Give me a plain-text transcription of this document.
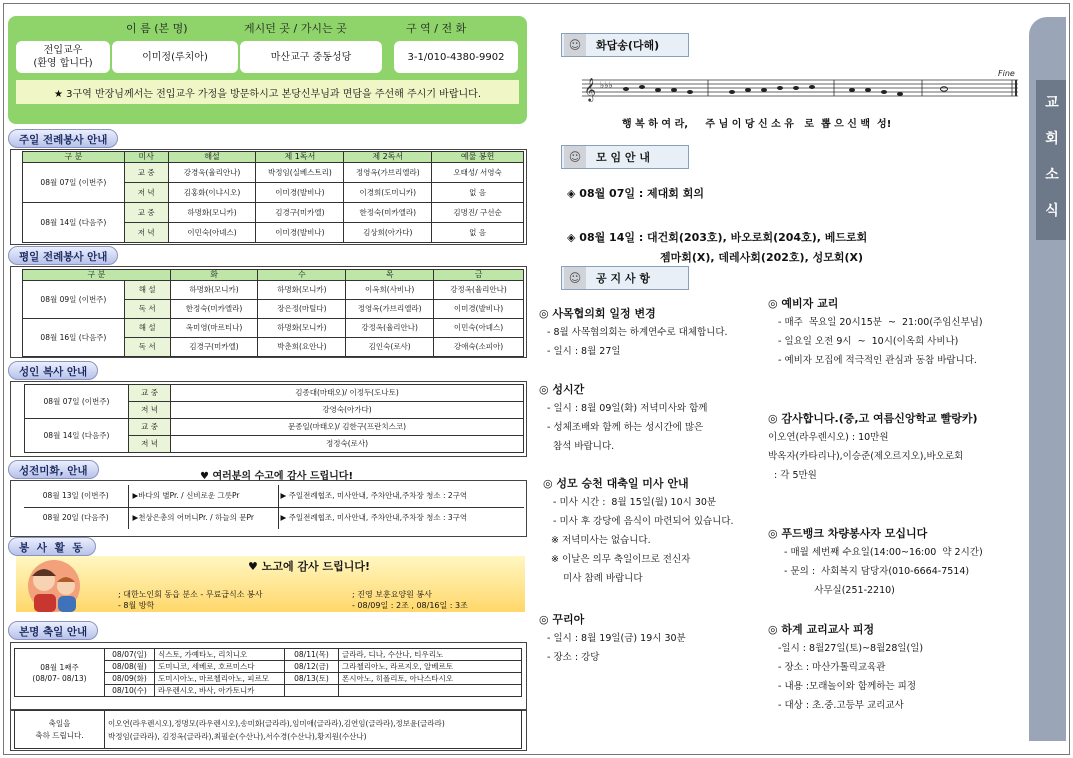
이 름 (본 명)	게시던 곳 / 가시는 곳	구 역 / 전 화
전입교우
(환영 합니다)
이미정(루치아)	마산교구 중동성당	3-1/010-4380-9902
★ 3구역 반장님께서는 전입교우 가정을 방문하시고 본당신부님과 면담을 주선해 주시기 바랍니다.
주일 전례봉사 안내
구 분	미사	해설	제 1독서	제 2독서	예물 봉헌
08월 07일 (이번주)	교 중	강경욱(율리안나)	박정임(실베스트리)	정영옥(가브리엘라)	오태성/ 서영숙
	저 녁	김홍화(이냐시오)	이미경(발비나)	이경희(도미니카)	없 음
08월 14일 (다음주)	교 중	하명화(모니카)	김경구(미카엘)	한정숙(미카엘라)	김명진/ 구선순
	저 녁	이민숙(아녜스)	이미경(발비나)	김상희(아가다)	없 음
평일 전례봉사 안내
구 분		화	수	목	금
08월 09일 (이번주)	해 설	하명화(모니카)	하명화(모니카)	이옥희(사비나)	강정옥(율리안나)
	독 서	한정숙(미카엘라)	장은정(마틸다)	정영옥(가브리엘라)	이미경(발비나)
08월 16일 (다음주)	해 설	옥미영(마르티나)	하명화(모니카)	강정옥(율리안나)	이민숙(아녜스)
	독 서	김경구(미카엘)	박춘희(요안나)	김인숙(로사)	강애숙(소피아)
성인 복사 안내
08월 07일 (이번주)	교 중	김종대(마태오)/ 이정두(도나토)
	저 녁	강영숙(아가다)
08월 14일 (다음주)	교 중	문종일(마태오)/ 김한구(프란치스코)
	저 녁	정정숙(로사)
성전미화, 안내	♥ 여러분의 수고에 감사 드립니다!
08월 13일 (이번주)	▶바다의 별Pr. / 신비로운 그릇Pr	▶ 주일전례협조, 미사안내, 주차안내,주차장 청소 : 2구역
08월 20일 (다음주)	▶천상은총의 어머니Pr. / 하늘의 문Pr	▶ 주일전례협조, 미사안내, 주차안내,주차장 청소 : 3구역
봉 사 활 동
♥ 노고에 감사 드립니다!
; 대한노인회 동읍 분소 - 무료급식소 봉사
- 8월 방학
; 진영 보훈요양원 봉사
- 08/09일 : 2조 , 08/16일 : 3조
본명 축일 안내
08월 1째주
(08/07- 08/13)	08/07(일)	식스토, 가예타노, 리치니오	08/11(목)	글라라, 디나, 수산나, 티우리노
	08/08(월)	도미니코, 세베로, 호르미스다	08/12(금)	그라첼리아노, 라르지오, 알베르토
	08/09(화)	도미시아노, 마르첼리아노, 피르모	08/13(토)	폰시아노, 히폴리토, 아나스타시오
	08/10(수)	라우렌시오, 바사, 아가토니카		
축일을
축하 드립니다.	이오연(라우렌시오),정명모(라우렌시오),송미화(글라라),임미애(글라라),김연임(글라라),정보윤(글라라)
박정임(글라라), 김정옥(글라라),최필순(수산나),서수경(수산나),황지원(수산나)
☺	화답송(다해)
𝄞 ♭♭♭
Fine
행 복 하 여 라,     주 님 이 당 신 소 유   로  뽑 으 신 백  성!
☺	모 임 안 내
◈ 08월 07일 : 제대회 회의
◈ 08월 14일 : 대건회(203호), 바오로회(204호), 베드로회
젬마회(X), 데레사회(202호), 성모회(X)
☺	공 지 사 항
◎ 사목협의회 일정 변경
- 8월 사목협의회는 하계연수로 대체합니다.
- 일시 : 8월 27일
◎ 성시간
- 일시 : 8월 09일(화) 저녁미사와 함께
- 성체조배와 함께 하는 성시간에 많은
참석 바랍니다.
◎ 성모 승천 대축일 미사 안내
- 미사 시간 :  8월 15일(월) 10시 30분
- 미사 후 강당에 음식이 마련되어 있습니다.
※ 저녁미사는 없습니다.
※ 이날은 의무 축일이므로 전신자
미사 참례 바랍니다
◎ 꾸리아
- 일시 : 8월 19일(금) 19시 30분
- 장소 : 강당
◎ 예비자 교리
- 매주  목요일 20시15분  ~  21:00(주임신부님)
- 일요일 오전 9시  ~  10시(이옥희 사비나)
- 예비자 모집에 적극적인 관심과 동참 바랍니다.
◎ 감사합니다.(중,고 여름신앙학교 빨랑카)
이오연(라우렌시오) : 10만원
박옥자(카타리나),이승준(제오르지오),바오로회
: 각 5만원
◎ 푸드뱅크 차량봉사자 모십니다
- 매월 세번째 수요일(14:00~16:00  약 2시간)
- 문의 :  사회복지 담당자(010-6664-7514)
사무실(251-2210)
◎ 하계 교리교사 피정
-일시 : 8월27일(토)~8월28일(일)
- 장소 : 마산가톨릭교육관
- 내용 :모래놀이와 함께하는 피정
- 대상 : 초.중.고등부 교리교사
교
회
소
식
